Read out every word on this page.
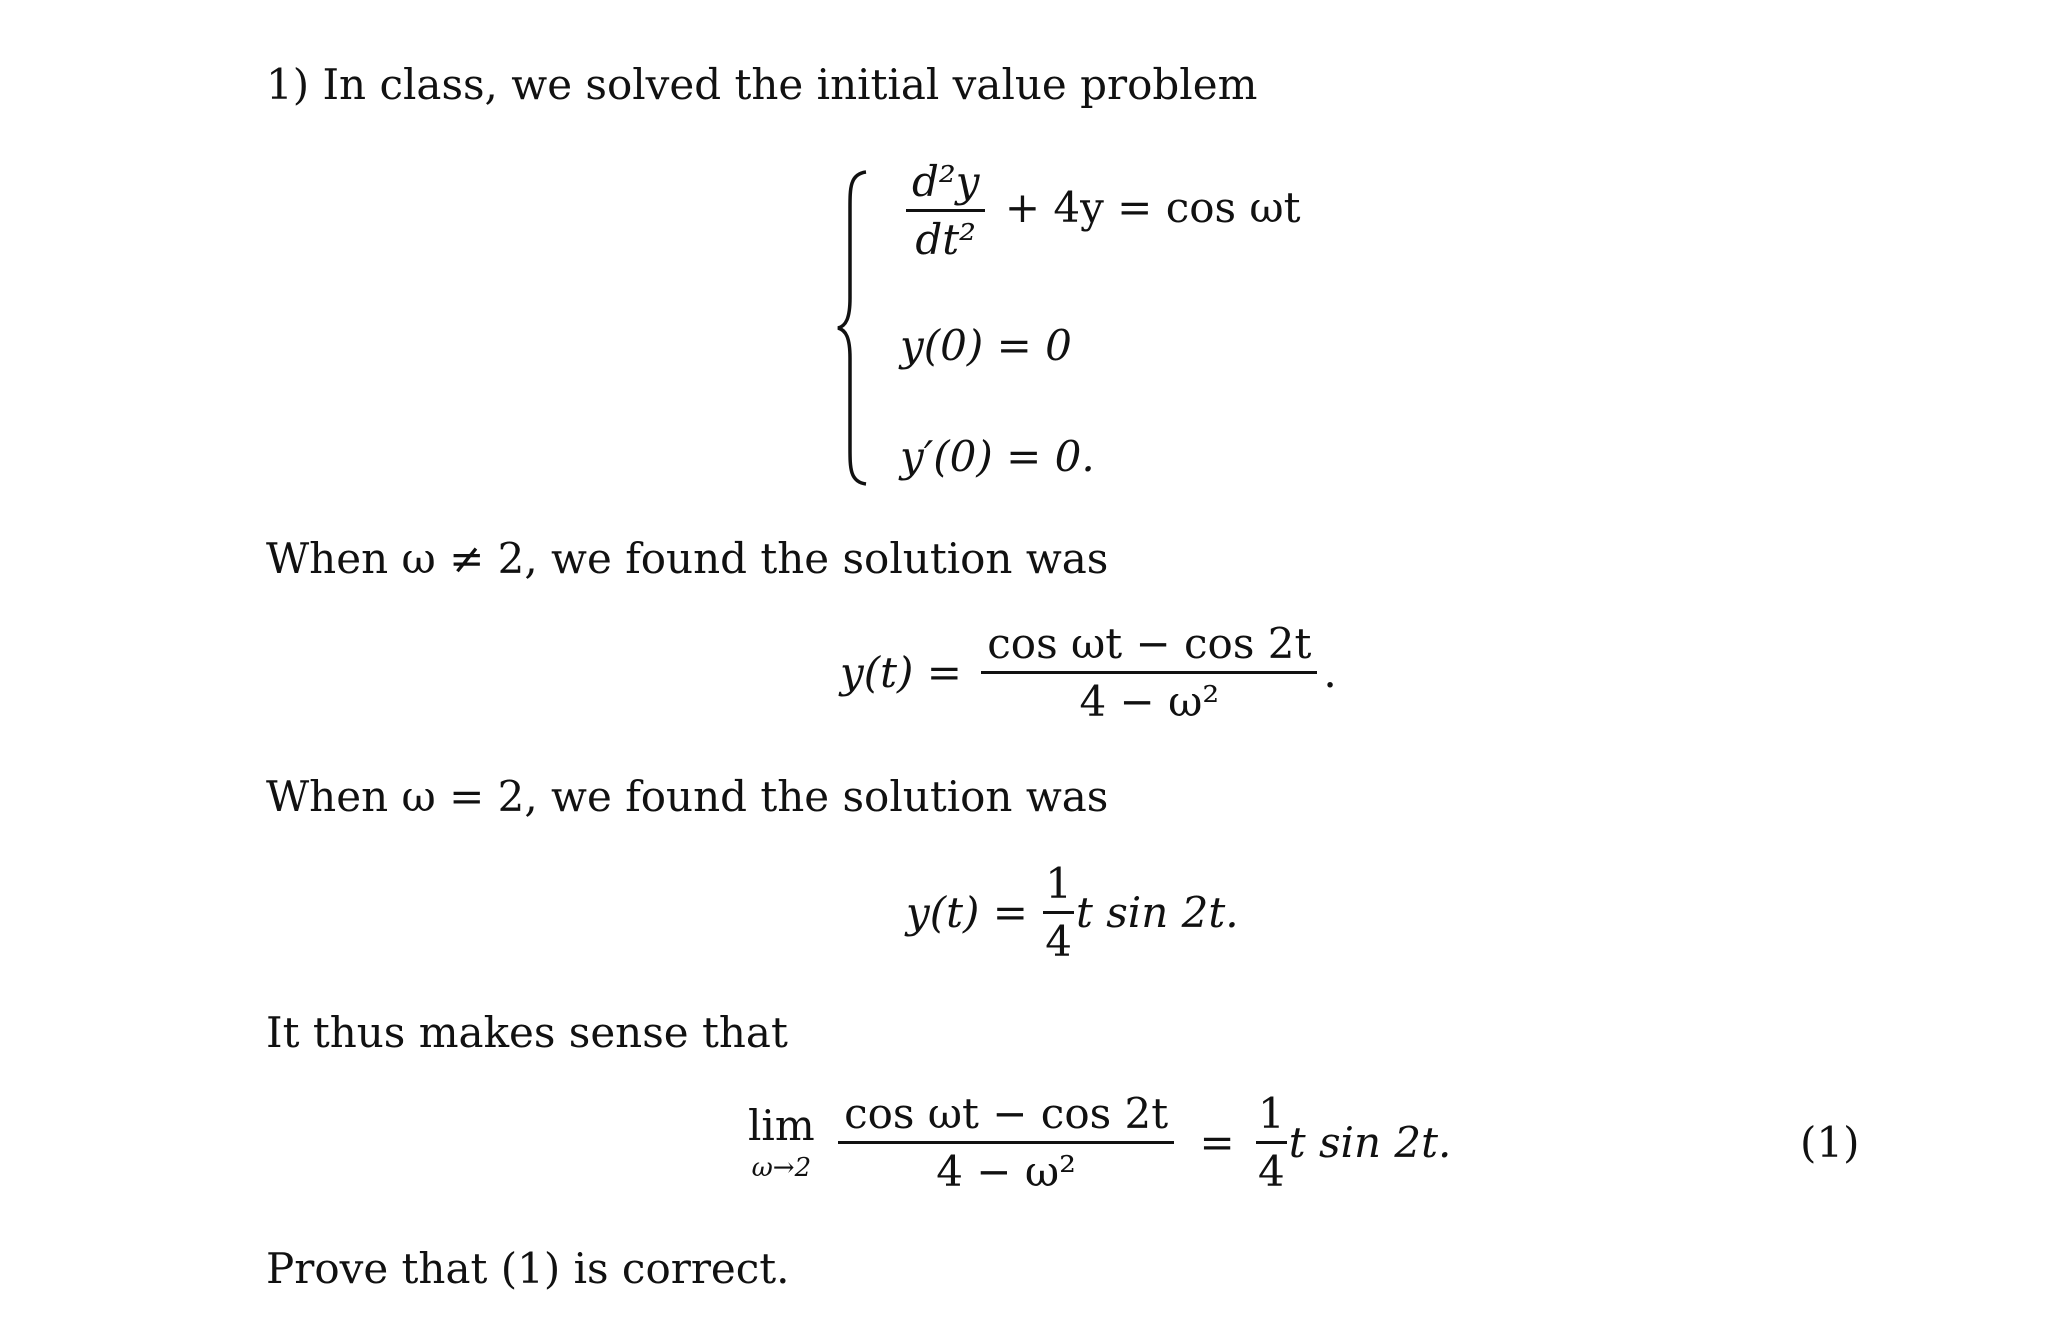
1) In class, we solved the initial value problem
$\frac{\text{d²y}}{\text{dt²}} + 4y = \cos \omega t$
y(0) = 0
y′(0) = 0.
When ω ≠ 2, we found the solution was
$y(t) = \frac{\text{cos ωt − cos 2t}}{\text{4 − ω²}}$ .
When ω = 2, we found the solution was
$y(t) = \frac{1}{4}$ t sin 2t.
It thus makes sense that
lim
ω→2
$\frac{\text{cos ωt − cos 2t}}{\text{4 − ω²}} = \frac{1}{4}$ t sin 2t.	(1)
Prove that (1) is correct.
